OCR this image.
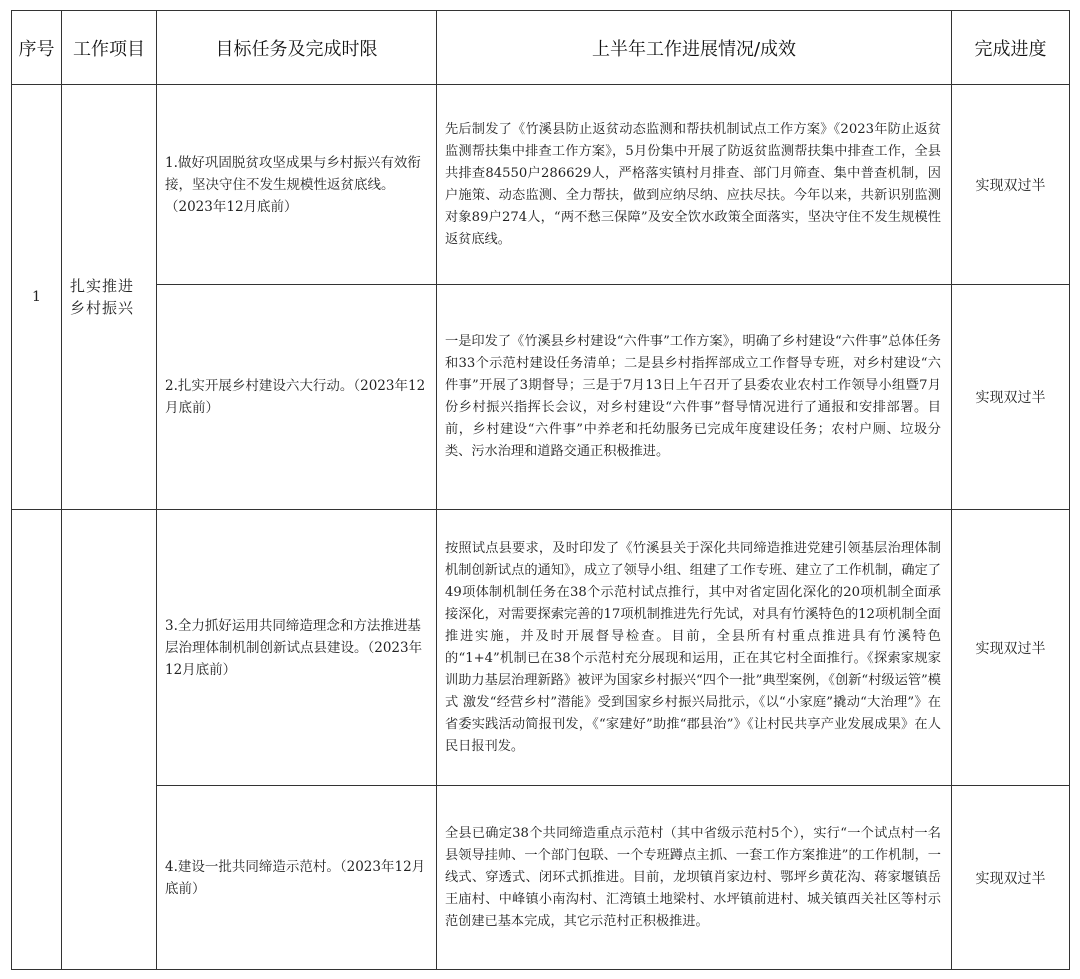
序号	工作项目	目标任务及完成时限	上半年工作进展情况/成效	完成进度
1	扎实推进乡村振兴	1.做好巩固脱贫攻坚成果与乡村振兴有效衔接，坚决守住不发生规模性返贫底线。（2023年12月底前）	先后制发了《竹溪县防止返贫动态监测和帮扶机制试点工作方案》《2023年防止返贫监测帮扶集中排查工作方案》，5月份集中开展了防返贫监测帮扶集中排查工作，全县共排查84550户286629人，严格落实镇村月排查、部门月筛查、集中普查机制，因户施策、动态监测、全力帮扶，做到应纳尽纳、应扶尽扶。今年以来，共新识别监测对象89户274人，“两不愁三保障”及安全饮水政策全面落实，坚决守住不发生规模性返贫底线。	实现双过半

		2.扎实开展乡村建设六大行动。（2023年12月底前）	一是印发了《竹溪县乡村建设“六件事”工作方案》，明确了乡村建设“六件事”总体任务和33个示范村建设任务清单；二是县乡村指挥部成立工作督导专班，对乡村建设“六件事”开展了3期督导；三是于7月13日上午召开了县委农业农村工作领导小组暨7月份乡村振兴指挥长会议，对乡村建设“六件事”督导情况进行了通报和安排部署。目前，乡村建设“六件事”中养老和托幼服务已完成年度建设任务；农村户厕、垃圾分类、污水治理和道路交通正积极推进。	实现双过半

		3.全力抓好运用共同缔造理念和方法推进基层治理体制机制创新试点县建设。（2023年12月底前）	按照试点县要求，及时印发了《竹溪县关于深化共同缔造推进党建引领基层治理体制机制创新试点的通知》，成立了领导小组、组建了工作专班、建立了工作机制，确定了49项体制机制任务在38个示范村试点推行，其中对省定固化深化的20项机制全面承接深化，对需要探索完善的17项机制推进先行先试，对具有竹溪特色的12项机制全面推进实施，并及时开展督导检查。目前，全县所有村重点推进具有竹溪特色的“1+4”机制已在38个示范村充分展现和运用，正在其它村全面推行。《探索家规家训助力基层治理新路》被评为国家乡村振兴“四个一批”典型案例，《创新“村级运管”模式 激发“经营乡村”潜能》受到国家乡村振兴局批示，《以“小家庭”撬动“大治理”》在省委实践活动简报刊发，《“家建好”助推“郡县治”》《让村民共享产业发展成果》在人民日报刊发。	实现双过半

		4.建设一批共同缔造示范村。（2023年12月底前）	全县已确定38个共同缔造重点示范村（其中省级示范村5个），实行“一个试点村一名县领导挂帅、一个部门包联、一个专班蹲点主抓、一套工作方案推进”的工作机制，一线式、穿透式、闭环式抓推进。目前，龙坝镇肖家边村、鄂坪乡黄花沟、蒋家堰镇岳王庙村、中峰镇小南沟村、汇湾镇土地梁村、水坪镇前进村、城关镇西关社区等村示范创建已基本完成，其它示范村正积极推进。	实现双过半
